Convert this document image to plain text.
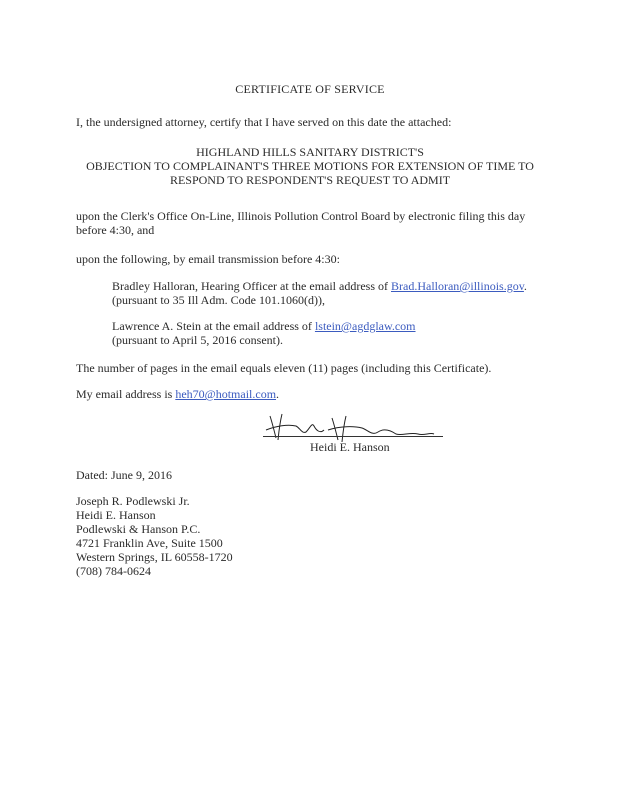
CERTIFICATE OF SERVICE
I, the undersigned attorney, certify that I have served on this date the attached:
HIGHLAND HILLS SANITARY DISTRICT'S
OBJECTION TO COMPLAINANT'S THREE MOTIONS FOR EXTENSION OF TIME TO
RESPOND TO RESPONDENT'S REQUEST TO ADMIT
upon the Clerk's Office On-Line, Illinois Pollution Control Board by electronic filing this day
before 4:30, and
upon the following, by email transmission before 4:30:
Bradley Halloran, Hearing Officer at the email address of Brad.Halloran@illinois.gov.
(pursuant to 35 Ill Adm. Code 101.1060(d)),
Lawrence A. Stein at the email address of lstein@agdglaw.com
(pursuant to April 5, 2016 consent).
The number of pages in the email equals eleven (11) pages (including this Certificate).
My email address is heh70@hotmail.com.
Heidi E. Hanson
Dated: June 9, 2016
Joseph R. Podlewski Jr.
Heidi E. Hanson
Podlewski & Hanson P.C.
4721 Franklin Ave, Suite 1500
Western Springs, IL 60558-1720
(708) 784-0624
